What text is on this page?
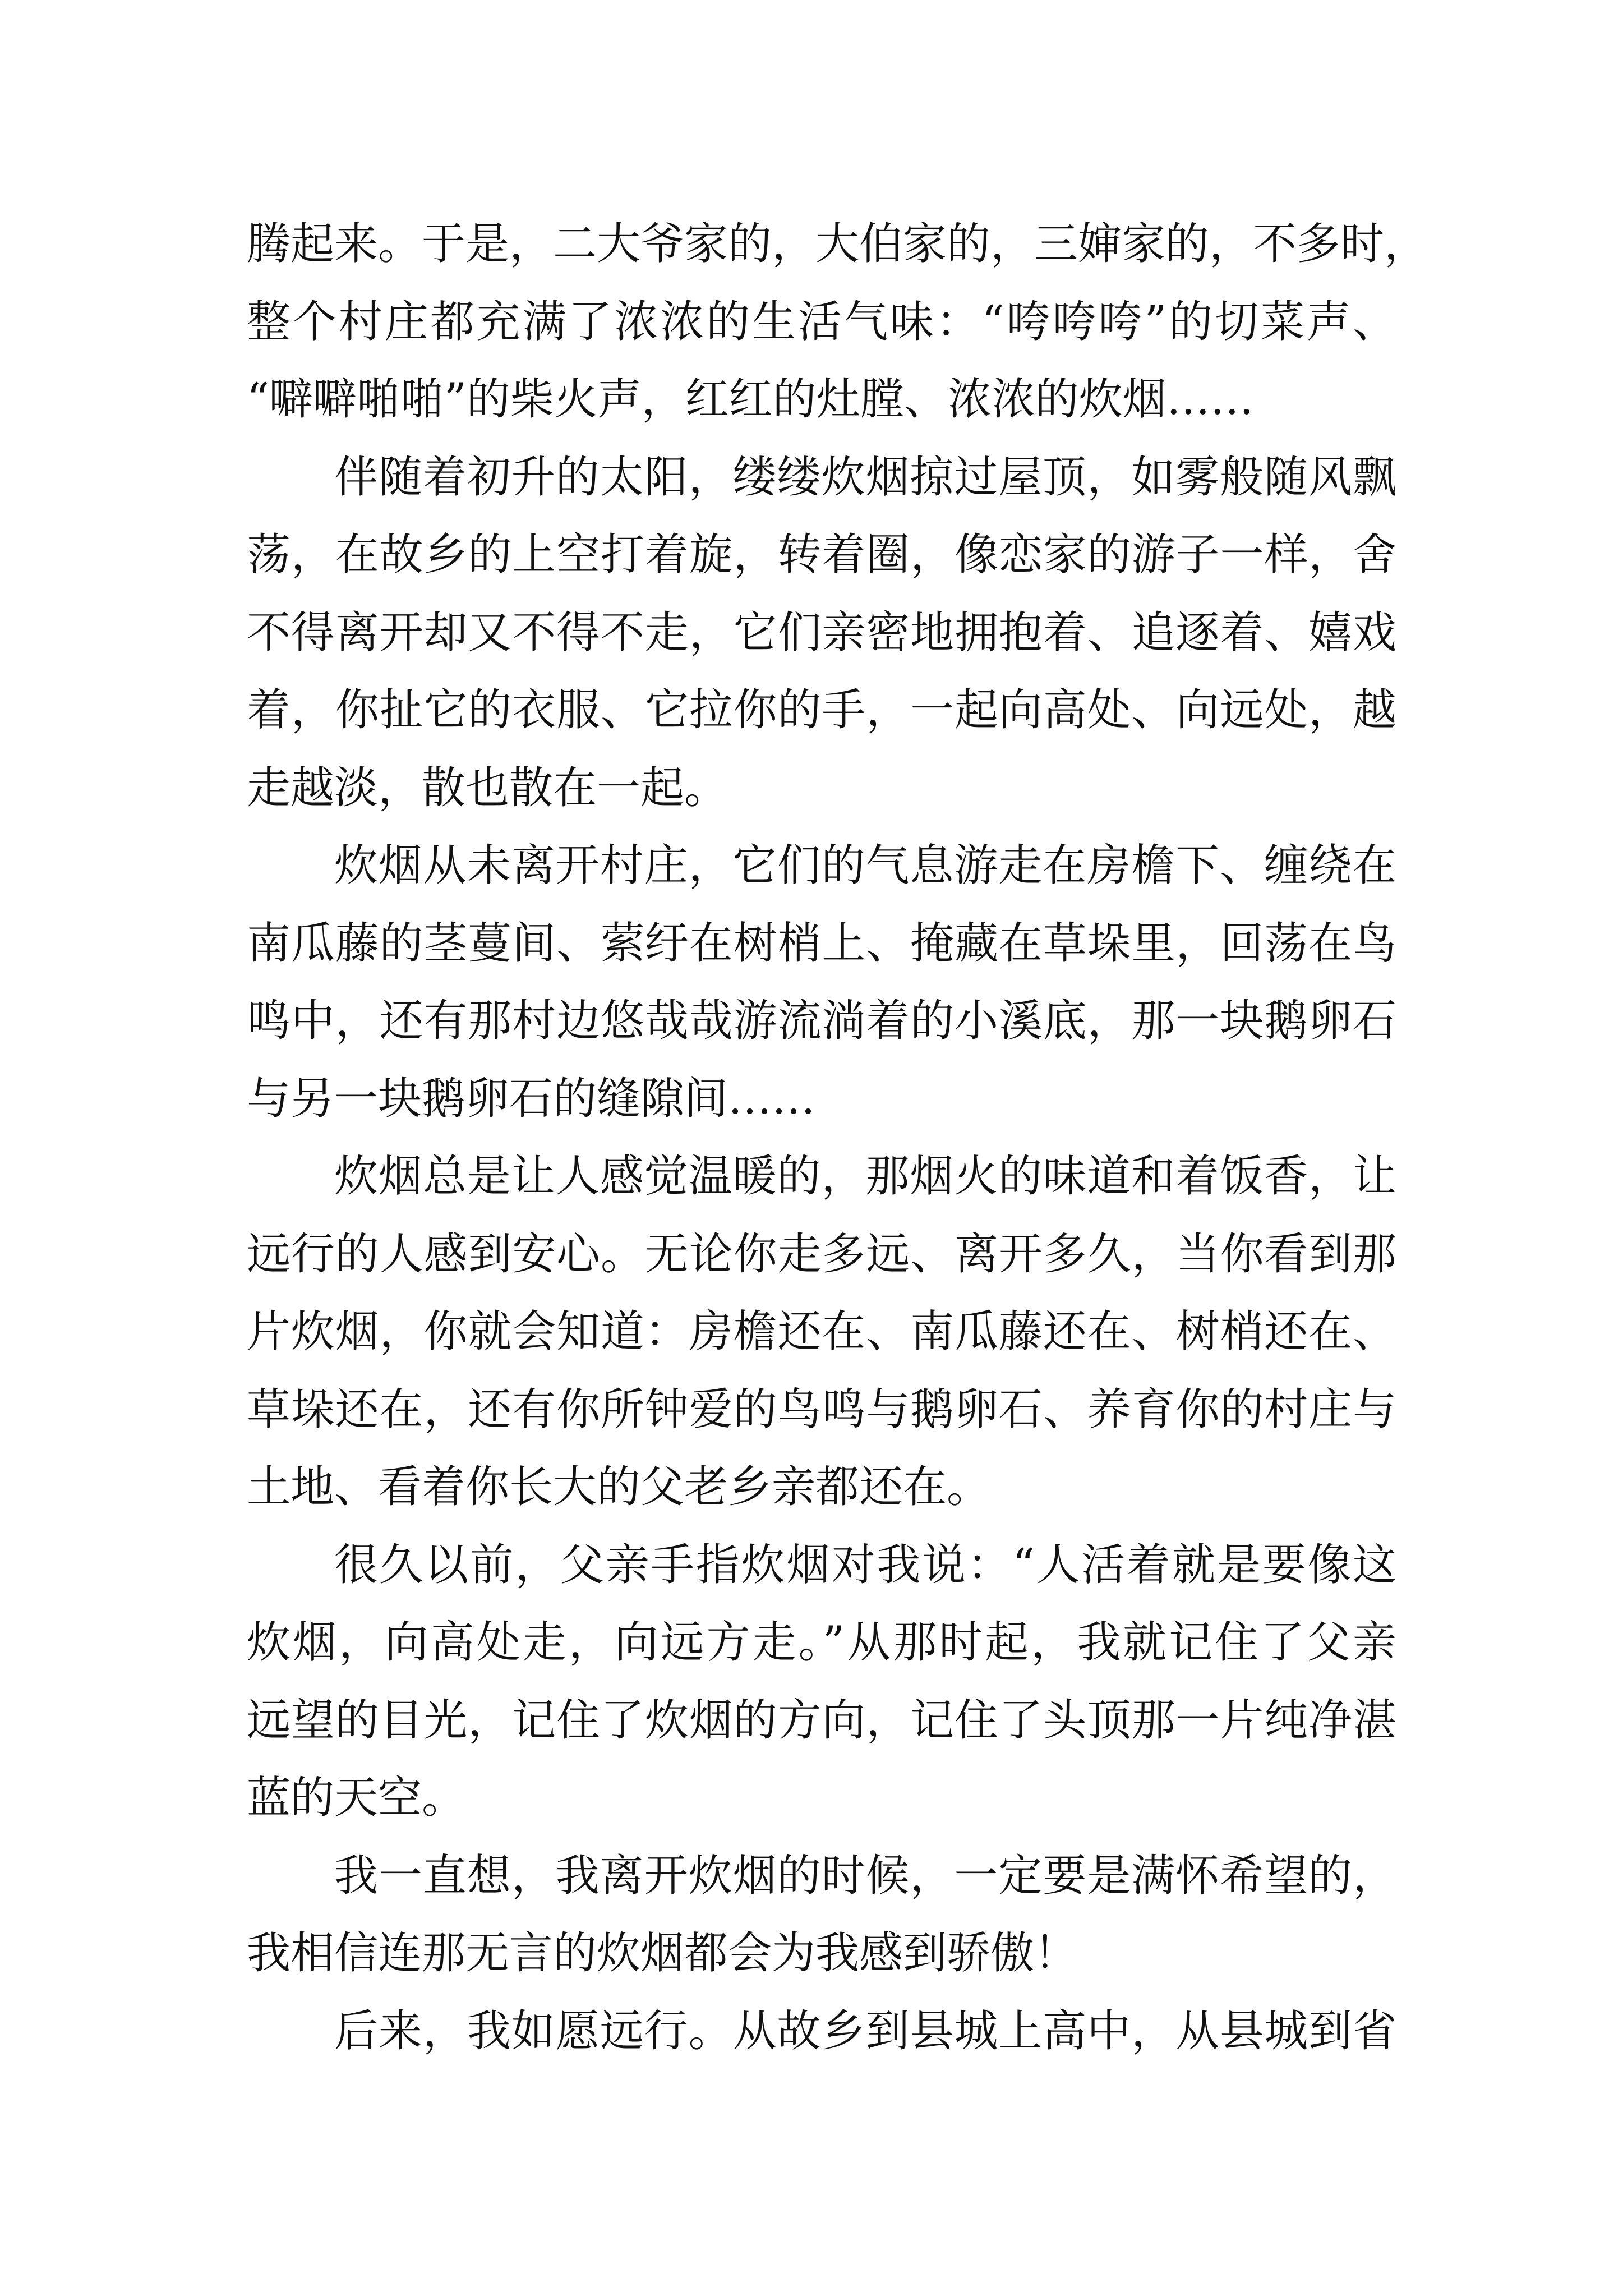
腾起来。于是，二大爷家的，大伯家的，三婶家的，不多时，
整个村庄都充满了浓浓的生活气味：“咵咵咵”的切菜声、
“噼噼啪啪”的柴火声，红红的灶膛、浓浓的炊烟……
伴随着初升的太阳，缕缕炊烟掠过屋顶，如雾般随风飘
荡，在故乡的上空打着旋，转着圈，像恋家的游子一样，舍
不得离开却又不得不走，它们亲密地拥抱着、追逐着、嬉戏
着，你扯它的衣服、它拉你的手，一起向高处、向远处，越
走越淡，散也散在一起。
炊烟从未离开村庄，它们的气息游走在房檐下、缠绕在
南瓜藤的茎蔓间、萦纡在树梢上、掩藏在草垛里，回荡在鸟
鸣中，还有那村边悠哉哉游流淌着的小溪底，那一块鹅卵石
与另一块鹅卵石的缝隙间……
炊烟总是让人感觉温暖的，那烟火的味道和着饭香，让
远行的人感到安心。无论你走多远、离开多久，当你看到那
片炊烟，你就会知道：房檐还在、南瓜藤还在、树梢还在、
草垛还在，还有你所钟爱的鸟鸣与鹅卵石、养育你的村庄与
土地、看着你长大的父老乡亲都还在。
很久以前，父亲手指炊烟对我说：“人活着就是要像这
炊烟，向高处走，向远方走。”从那时起，我就记住了父亲
远望的目光，记住了炊烟的方向，记住了头顶那一片纯净湛
蓝的天空。
我一直想，我离开炊烟的时候，一定要是满怀希望的，
我相信连那无言的炊烟都会为我感到骄傲！
后来，我如愿远行。从故乡到县城上高中，从县城到省
